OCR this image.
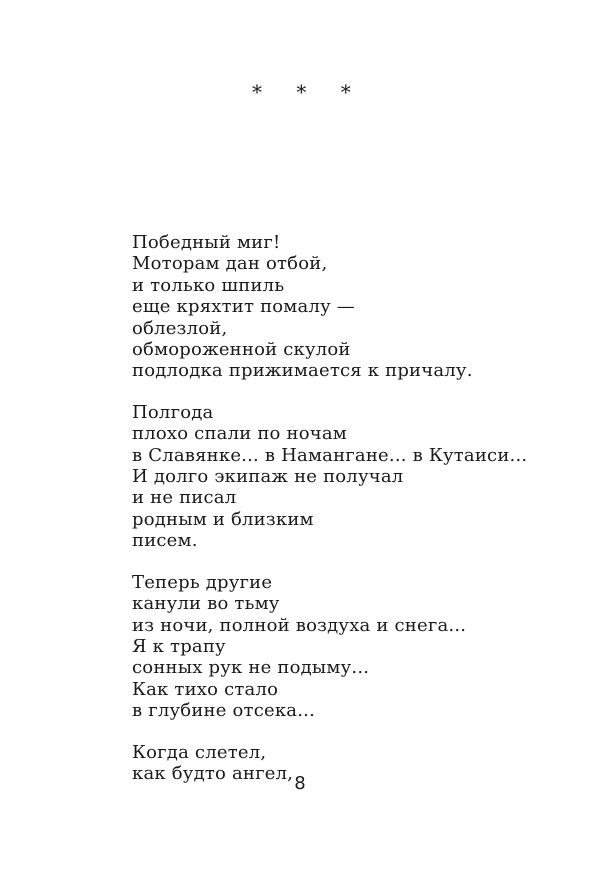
* * *
Победный миг!
Моторам дан отбой,
и только шпиль
еще кряхтит помалу —
облезлой,
обмороженной скулой
подлодка прижимается к причалу.
Полгода
плохо спали по ночам
в Славянке... в Намангане... в Кутаиси...
И долго экипаж не получал
и не писал
родным и близким
писем.
Теперь другие
канули во тьму
из ночи, полной воздуха и снега...
Я к трапу
сонных рук не подыму...
Как тихо стало
в глубине отсека...
Когда слетел,
как будто ангел, 8
